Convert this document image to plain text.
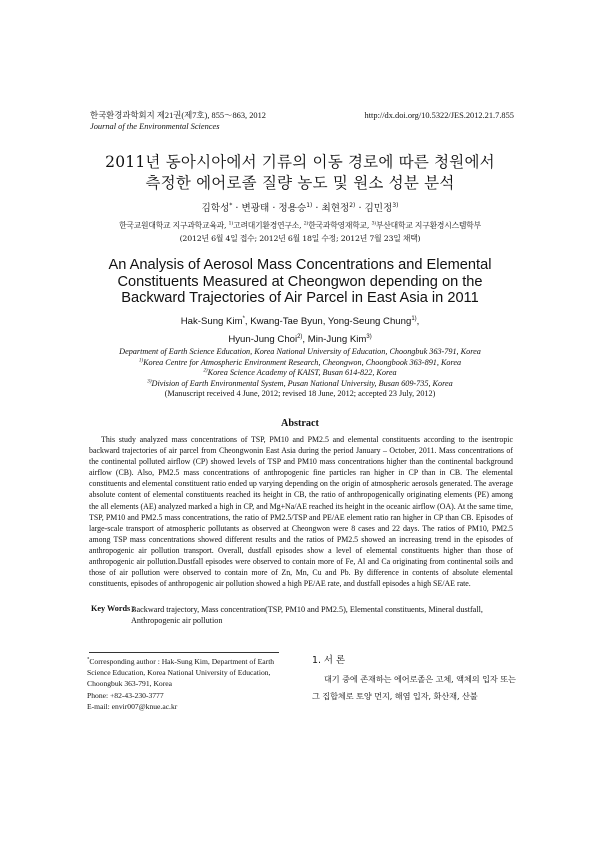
한국환경과학회지 제21권(제7호), 855～863, 2012
Journal of the Environmental Sciences
http://dx.doi.org/10.5322/JES.2012.21.7.855
2011년 동아시아에서 기류의 이동 경로에 따른 청원에서
측정한 에어로졸 질량 농도 및 원소 성분 분석
김학성* · 변광태 · 정용승$^{1)}$ · 최현정$^{2)}$ · 김민정$^{3)}$
한국교원대학교 지구과학교육과, $^{1)}$고려대기환경연구소, $^{2)}$한국과학영재학교, $^{3)}$부산대학교 지구환경시스템학부
(2012년 6월 4일 접수; 2012년 6월 18일 수정; 2012년 7월 23일 채택)
An Analysis of Aerosol Mass Concentrations and Elemental
Constituents Measured at Cheongwon depending on the
Backward Trajectories of Air Parcel in East Asia in 2011
Hak-Sung Kim*, Kwang-Tae Byun, Yong-Seung Chung$^{1)}$,
Hyun-Jung Choi$^{2)}$, Min-Jung Kim$^{3)}$
Department of Earth Science Education, Korea National University of Education, Choongbuk 363-791, Korea
$^{1)}$Korea Centre for Atmospheric Environment Research, Cheongwon, Choongbook 363-891, Korea
$^{2)}$Korea Science Academy of KAIST, Busan 614-822, Korea
$^{3)}$Division of Earth Environmental System, Pusan National University, Busan 609-735, Korea
(Manuscript received 4 June, 2012; revised 18 June, 2012; accepted 23 July, 2012)
Abstract
This study analyzed mass concentrations of TSP, PM10 and PM2.5 and elemental constituents according to the isentropic backward trajectories of air parcel from Cheongwonin East Asia during the period January – October, 2011. Mass concentrations of the continental polluted airflow (CP) showed levels of TSP and PM10 mass concentrations higher than the continental background airflow (CB). Also, PM2.5 mass concentrations of anthropogenic fine particles ran higher in CP than in CB. The elemental constituents and elemental constituent ratio ended up varying depending on the origin of atmospheric aerosols generated. The average absolute content of elemental constituents reached its height in CB, the ratio of anthropogenically originating elements (PE) among the all elements (AE) analyzed marked a high in CP, and Mg+Na/AE reached its height in the oceanic airflow (OA). At the same time, TSP, PM10 and PM2.5 mass concentrations, the ratio of PM2.5/TSP and PE/AE element ratio ran higher in CP than CB. Episodes of large-scale transport of atmospheric pollutants as observed at Cheongwon were 8 cases and 22 days. The ratios of PM10, PM2.5 among TSP mass concentrations showed different results and the ratios of PM2.5 showed an increasing trend in the episodes of anthropogenic air pollution transport. Overall, dustfall episodes show a level of elemental constituents higher than those of anthropogenic air pollution.Dustfall episodes were observed to contain more of Fe, Al and Ca originating from continental soils and those of air pollution were observed to contain more of Zn, Mn, Cu and Pb. By difference in contents of absolute elemental constituents, episodes of anthropogenic air pollution showed a high PE/AE rate, and dustfall episodes a high SE/AE rate.
Key Words :
Backward trajectory, Mass concentration(TSP, PM10 and PM2.5), Elemental constituents, Mineral dustfall, Anthropogenic air pollution
*Corresponding author : Hak-Sung Kim, Department of Earth Science Education, Korea National University of Education, Choongbuk 363-791, Korea
Phone: +82-43-230-3777
E-mail: envir007@knue.ac.kr
1. 서 론
대기 중에 존재하는 에어로졸은 고체, 액체의 입자 또는 그 집합체로 토양 먼지, 해염 입자, 화산재, 산불
